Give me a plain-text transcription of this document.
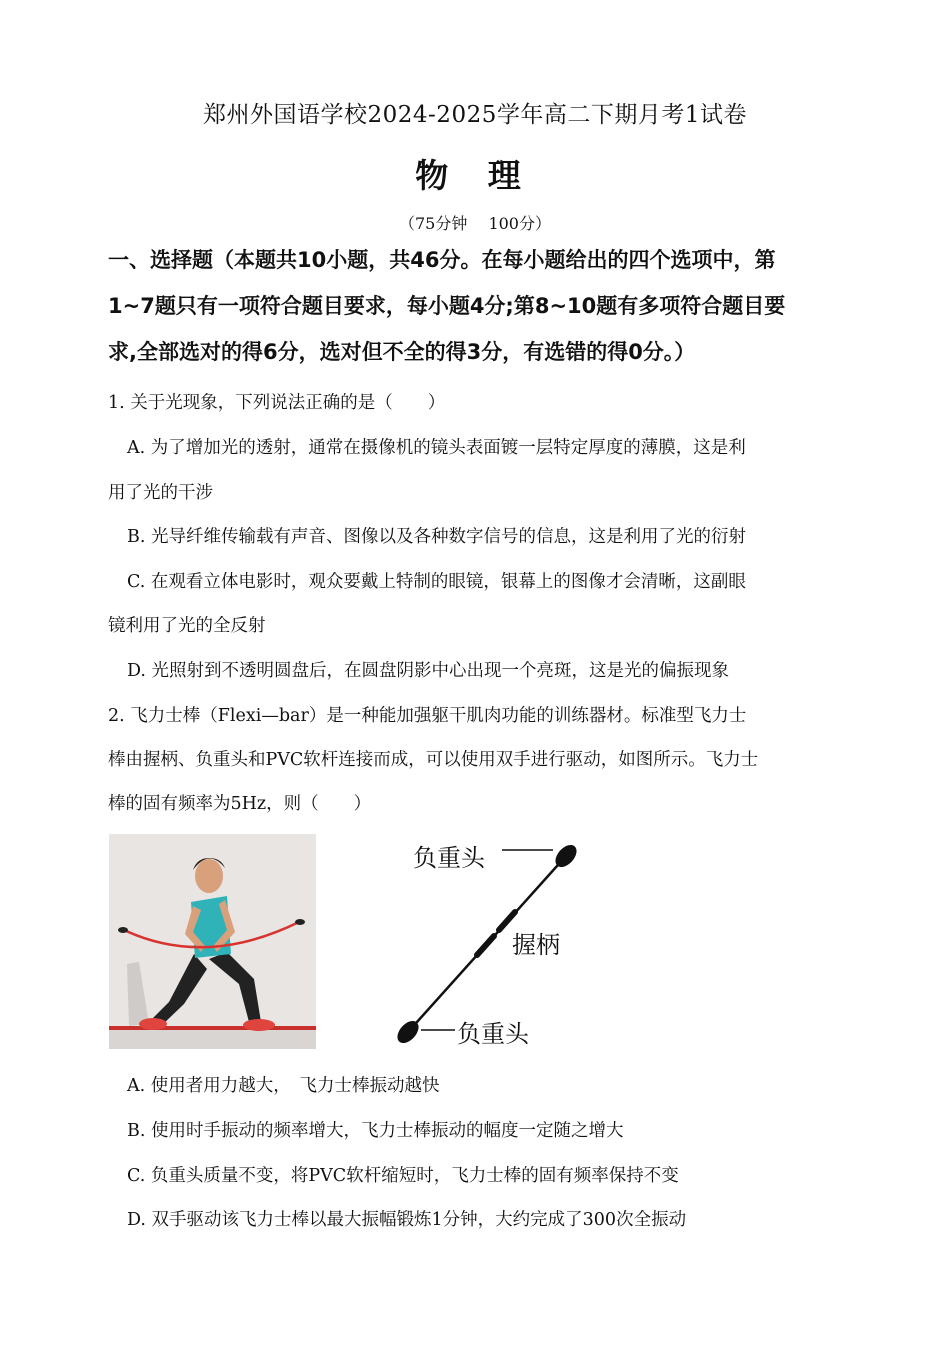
郑州外国语学校2024-2025学年高二下期月考1试卷
物 理
（75分钟　 100分）
一、选择题（本题共10小题，共46分。在每小题给出的四个选项中，第
1~7题只有一项符合题目要求，每小题4分;第8~10题有多项符合题目要
求,全部选对的得6分，选对但不全的得3分，有选错的得0分。）
1. 关于光现象，下列说法正确的是（　　）
A. 为了增加光的透射，通常在摄像机的镜头表面镀一层特定厚度的薄膜，这是利
用了光的干涉
B. 光导纤维传输载有声音、图像以及各种数字信号的信息，这是利用了光的衍射
C. 在观看立体电影时，观众要戴上特制的眼镜，银幕上的图像才会清晰，这副眼
镜利用了光的全反射
D. 光照射到不透明圆盘后，在圆盘阴影中心出现一个亮斑，这是光的偏振现象
2. 飞力士棒（Flexi—bar）是一种能加强躯干肌肉功能的训练器材。标准型飞力士
棒由握柄、负重头和PVC软杆连接而成，可以使用双手进行驱动，如图所示。飞力士
棒的固有频率为5Hz，则（　　）
负重头
握柄
负重头
A. 使用者用力越大，　飞力士棒振动越快
B. 使用时手振动的频率增大，飞力士棒振动的幅度一定随之增大
C. 负重头质量不变，将PVC软杆缩短时，飞力士棒的固有频率保持不变
D. 双手驱动该飞力士棒以最大振幅锻炼1分钟，大约完成了300次全振动
